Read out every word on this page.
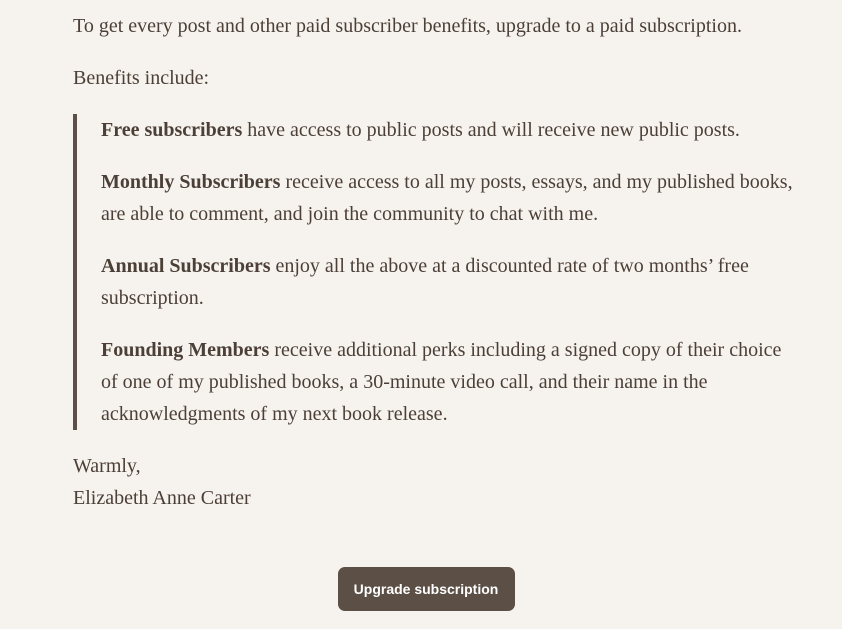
To get every post and other paid subscriber benefits, upgrade to a paid subscription.

Benefits include:

Free subscribers have access to public posts and will receive new public posts.

Monthly Subscribers receive access to all my posts, essays, and my published books, are able to comment, and join the community to chat with me.

Annual Subscribers enjoy all the above at a discounted rate of two months’ free subscription.

Founding Members receive additional perks including a signed copy of their choice of one of my published books, a 30-minute video call, and their name in the acknowledgments of my next book release.

Warmly,

Elizabeth Anne Carter

Upgrade subscription
